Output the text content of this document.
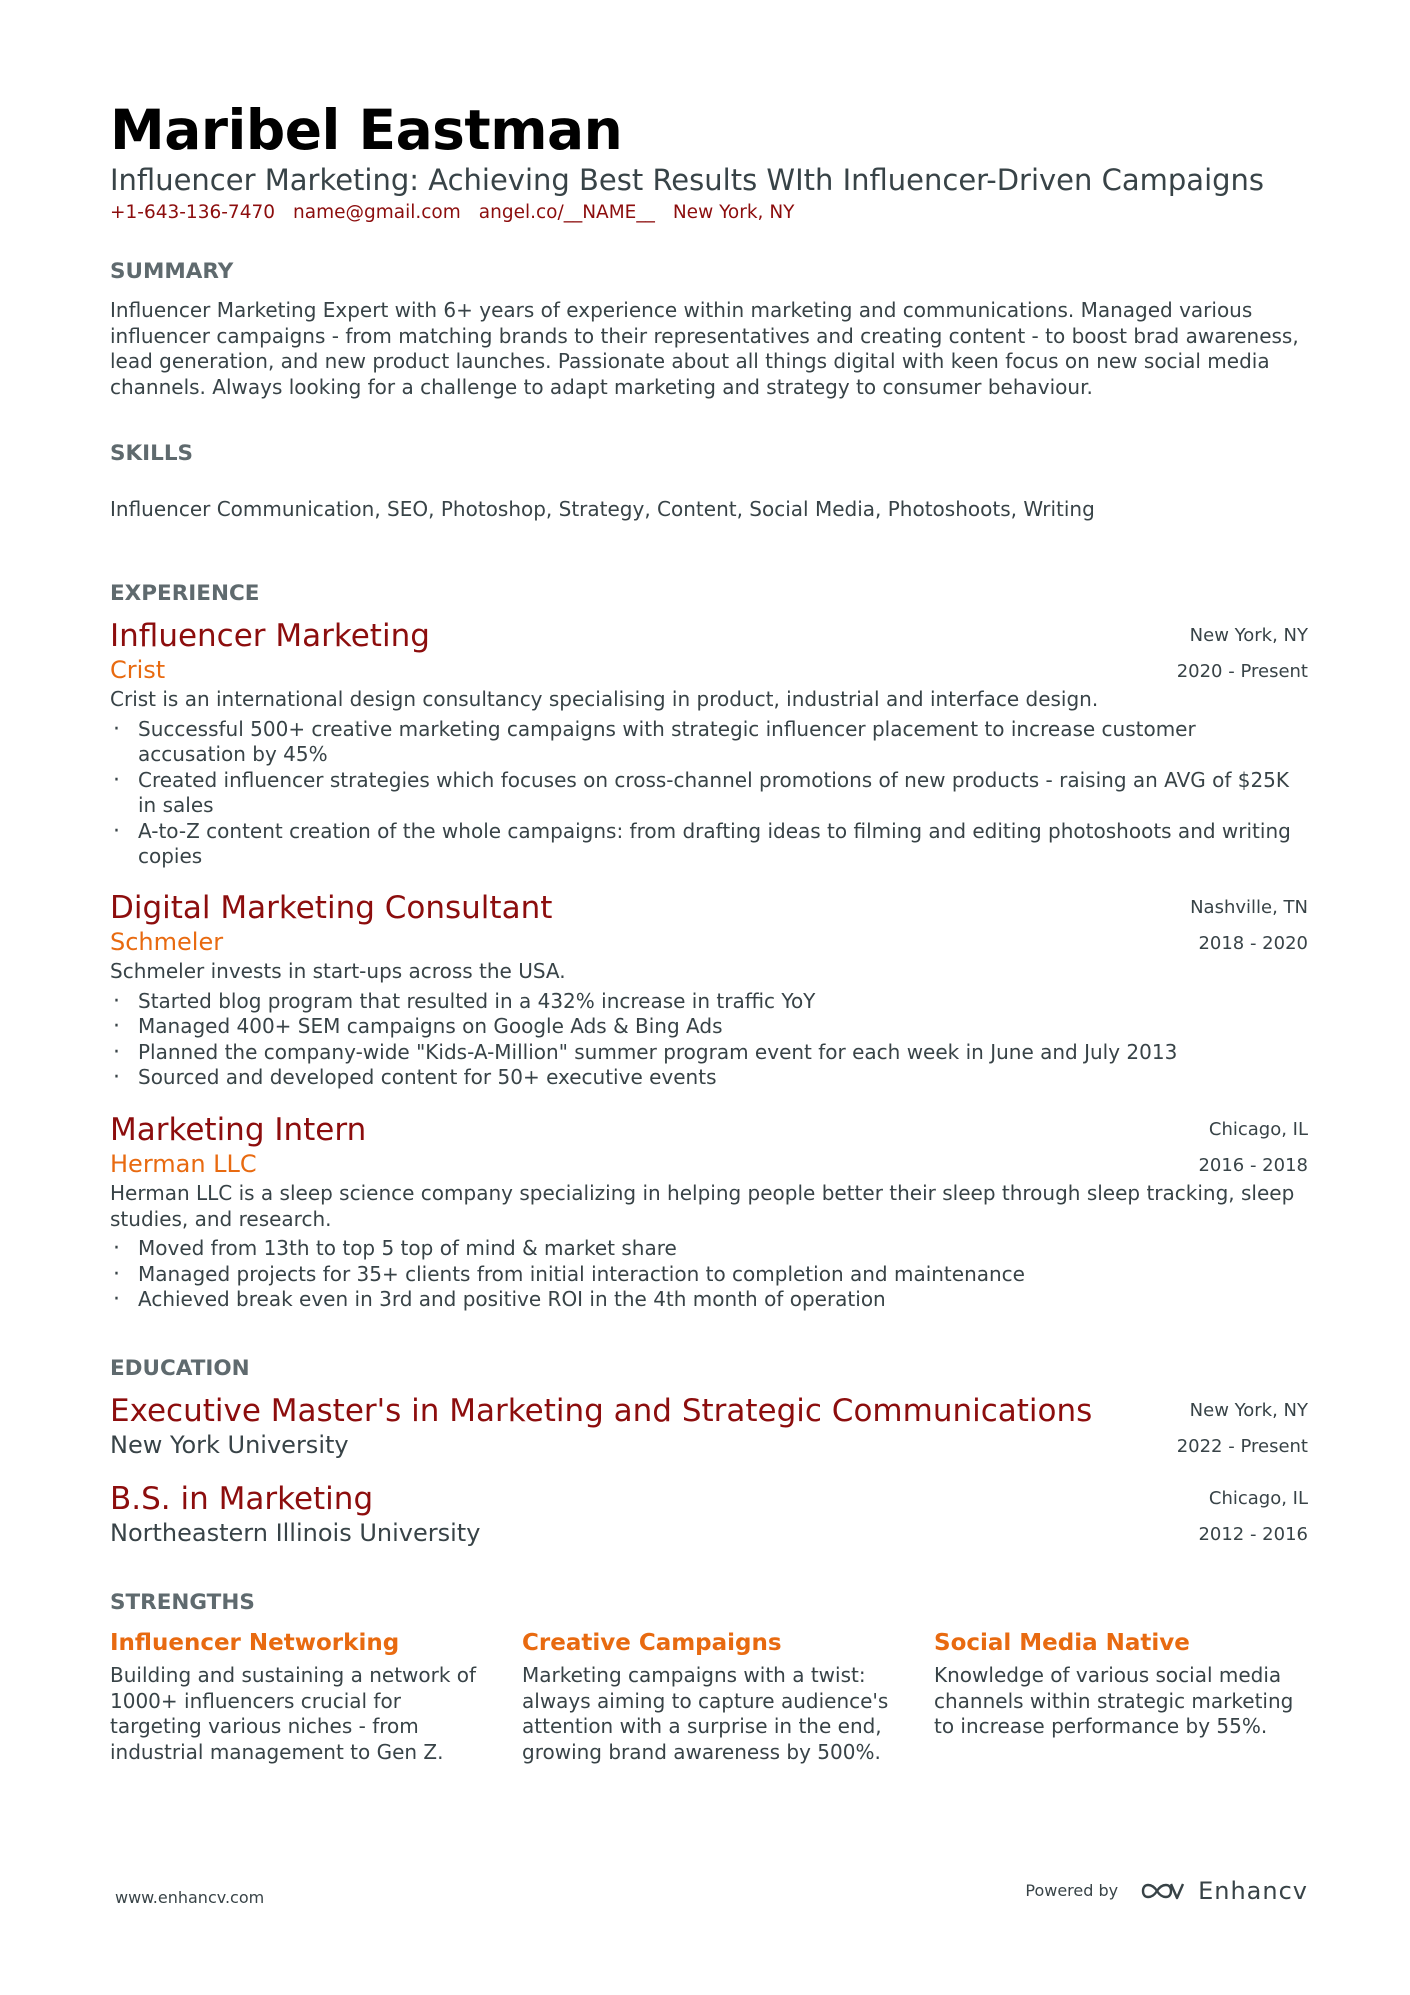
Maribel Eastman
Influencer Marketing: Achieving Best Results WIth Influencer-Driven Campaigns
+1-643-136-7470 name@gmail.com angel.co/__NAME__ New York, NY
SUMMARY
Influencer Marketing Expert with 6+ years of experience within marketing and communications. Managed various influencer campaigns - from matching brands to their representatives and creating content - to boost brad awareness, lead generation, and new product launches. Passionate about all things digital with keen focus on new social media channels. Always looking for a challenge to adapt marketing and strategy to consumer behaviour.
SKILLS
Influencer Communication, SEO, Photoshop, Strategy, Content, Social Media, Photoshoots, Writing
EXPERIENCE
Influencer Marketing
Crist
New York, NY
2020 - Present
Crist is an international design consultancy specialising in product, industrial and interface design.
· Successful 500+ creative marketing campaigns with strategic influencer placement to increase customer accusation by 45%
· Created influencer strategies which focuses on cross-channel promotions of new products - raising an AVG of $25K in sales
· A-to-Z content creation of the whole campaigns: from drafting ideas to filming and editing photoshoots and writing copies
Digital Marketing Consultant
Schmeler
Nashville, TN
2018 - 2020
Schmeler invests in start-ups across the USA.
· Started blog program that resulted in a 432% increase in traffic YoY
· Managed 400+ SEM campaigns on Google Ads & Bing Ads
· Planned the company-wide "Kids-A-Million" summer program event for each week in June and July 2013
· Sourced and developed content for 50+ executive events
Marketing Intern
Herman LLC
Chicago, IL
2016 - 2018
Herman LLC is a sleep science company specializing in helping people better their sleep through sleep tracking, sleep studies, and research.
· Moved from 13th to top 5 top of mind & market share
· Managed projects for 35+ clients from initial interaction to completion and maintenance
· Achieved break even in 3rd and positive ROI in the 4th month of operation
EDUCATION
Executive Master's in Marketing and Strategic Communications
New York University
New York, NY
2022 - Present
B.S. in Marketing
Northeastern Illinois University
Chicago, IL
2012 - 2016
STRENGTHS
Influencer Networking
Building and sustaining a network of 1000+ influencers crucial for targeting various niches - from industrial management to Gen Z.
Creative Campaigns
Marketing campaigns with a twist: always aiming to capture audience's attention with a surprise in the end, growing brand awareness by 500%.
Social Media Native
Knowledge of various social media channels within strategic marketing to increase performance by 55%.
www.enhancv.com	Powered by	Enhancv
